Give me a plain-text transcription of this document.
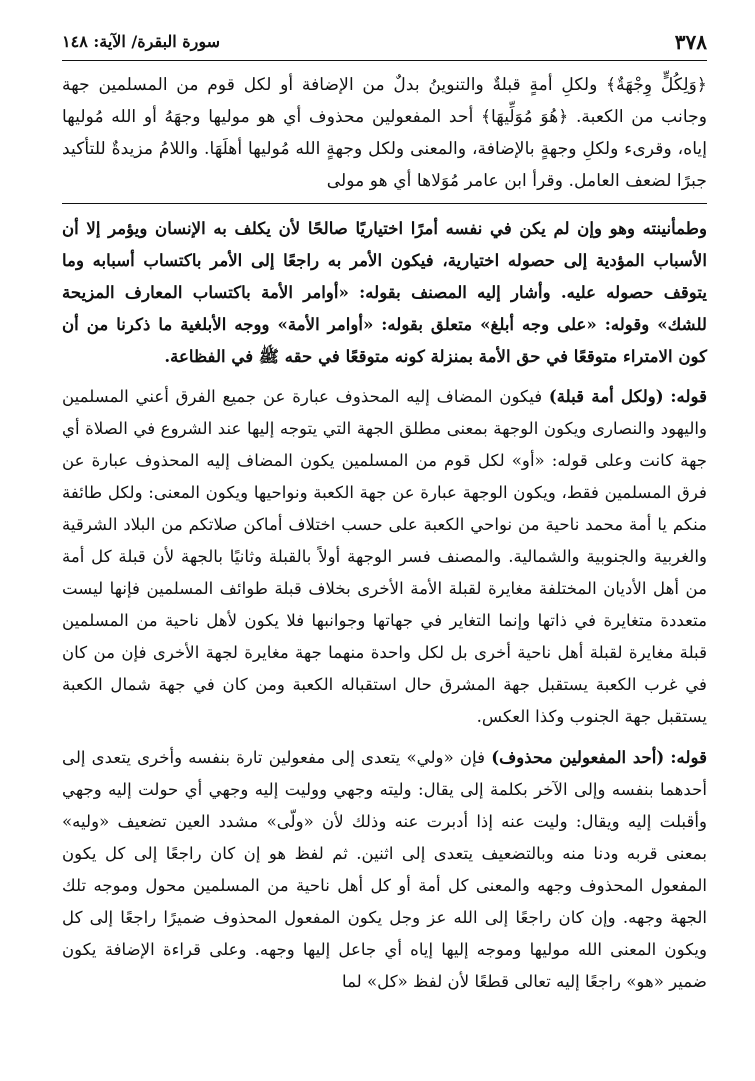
٣٧٨
سورة البقرة/ الآية: ١٤٨
﴿وَلِكُلٍّ وِجْهَةٌ﴾ ولكلِ أمةٍ قبلةٌ والتنوينُ بدلٌ من الإضافة أو لكل قوم من المسلمين جهة وجانب من الكعبة. ﴿هُوَ مُوَلِّيهَا﴾ أحد المفعولين محذوف أي هو موليها وجهَهُ أو الله مُوليها إياه، وقرىء ولكلِ وجهةٍ بالإضافة، والمعنى ولكل وجهةٍ الله مُوليها أهلَهَا. واللامُ مزيدةٌ للتأكيد جبرًا لضعف العامل. وقرأ ابن عامر مُوَلاها أي هو مولى
وطمأنينته وهو وإن لم يكن في نفسه أمرًا اختياريًا صالحًا لأن يكلف به الإنسان ويؤمر إلا أن الأسباب المؤدية إلى حصوله اختيارية، فيكون الأمر به راجعًا إلى الأمر باكتساب أسبابه وما يتوقف حصوله عليه. وأشار إليه المصنف بقوله: «أوامر الأمة باكتساب المعارف المزيحة للشك» وقوله: «على وجه أبلغ» متعلق بقوله: «أوامر الأمة» ووجه الأبلغية ما ذكرنا من أن كون الامتراء متوقعًا في حق الأمة بمنزلة كونه متوقعًا في حقه ﷺ في الفظاعة.
قوله: (ولكل أمة قبلة) فيكون المضاف إليه المحذوف عبارة عن جميع الفرق أعني المسلمين واليهود والنصارى ويكون الوجهة بمعنى مطلق الجهة التي يتوجه إليها عند الشروع في الصلاة أي جهة كانت وعلى قوله: «أو» لكل قوم من المسلمين يكون المضاف إليه المحذوف عبارة عن فرق المسلمين فقط، ويكون الوجهة عبارة عن جهة الكعبة ونواحيها ويكون المعنى: ولكل طائفة منكم يا أمة محمد ناحية من نواحي الكعبة على حسب اختلاف أماكن صلاتكم من البلاد الشرقية والغربية والجنوبية والشمالية. والمصنف فسر الوجهة أولاً بالقبلة وثانيًا بالجهة لأن قبلة كل أمة من أهل الأديان المختلفة مغايرة لقبلة الأمة الأخرى بخلاف قبلة طوائف المسلمين فإنها ليست متعددة متغايرة في ذاتها وإنما التغاير في جهاتها وجوانبها فلا يكون لأهل ناحية من المسلمين قبلة مغايرة لقبلة أهل ناحية أخرى بل لكل واحدة منهما جهة مغايرة لجهة الأخرى فإن من كان في غرب الكعبة يستقبل جهة المشرق حال استقباله الكعبة ومن كان في جهة شمال الكعبة يستقبل جهة الجنوب وكذا العكس.
قوله: (أحد المفعولين محذوف) فإن «ولي» يتعدى إلى مفعولين تارة بنفسه وأخرى يتعدى إلى أحدهما بنفسه وإلى الآخر بكلمة إلى يقال: وليته وجهي ووليت إليه وجهي أي حولت إليه وجهي وأقبلت إليه ويقال: وليت عنه إذا أدبرت عنه وذلك لأن «ولّى» مشدد العين تضعيف «وليه» بمعنى قربه ودنا منه وبالتضعيف يتعدى إلى اثنين. ثم لفظ هو إن كان راجعًا إلى كل يكون المفعول المحذوف وجهه والمعنى كل أمة أو كل أهل ناحية من المسلمين محول وموجه تلك الجهة وجهه. وإن كان راجعًا إلى الله عز وجل يكون المفعول المحذوف ضميرًا راجعًا إلى كل ويكون المعنى الله موليها وموجه إليها إياه أي جاعل إليها وجهه. وعلى قراءة الإضافة يكون ضمير «هو» راجعًا إليه تعالى قطعًا لأن لفظ «كل» لما
